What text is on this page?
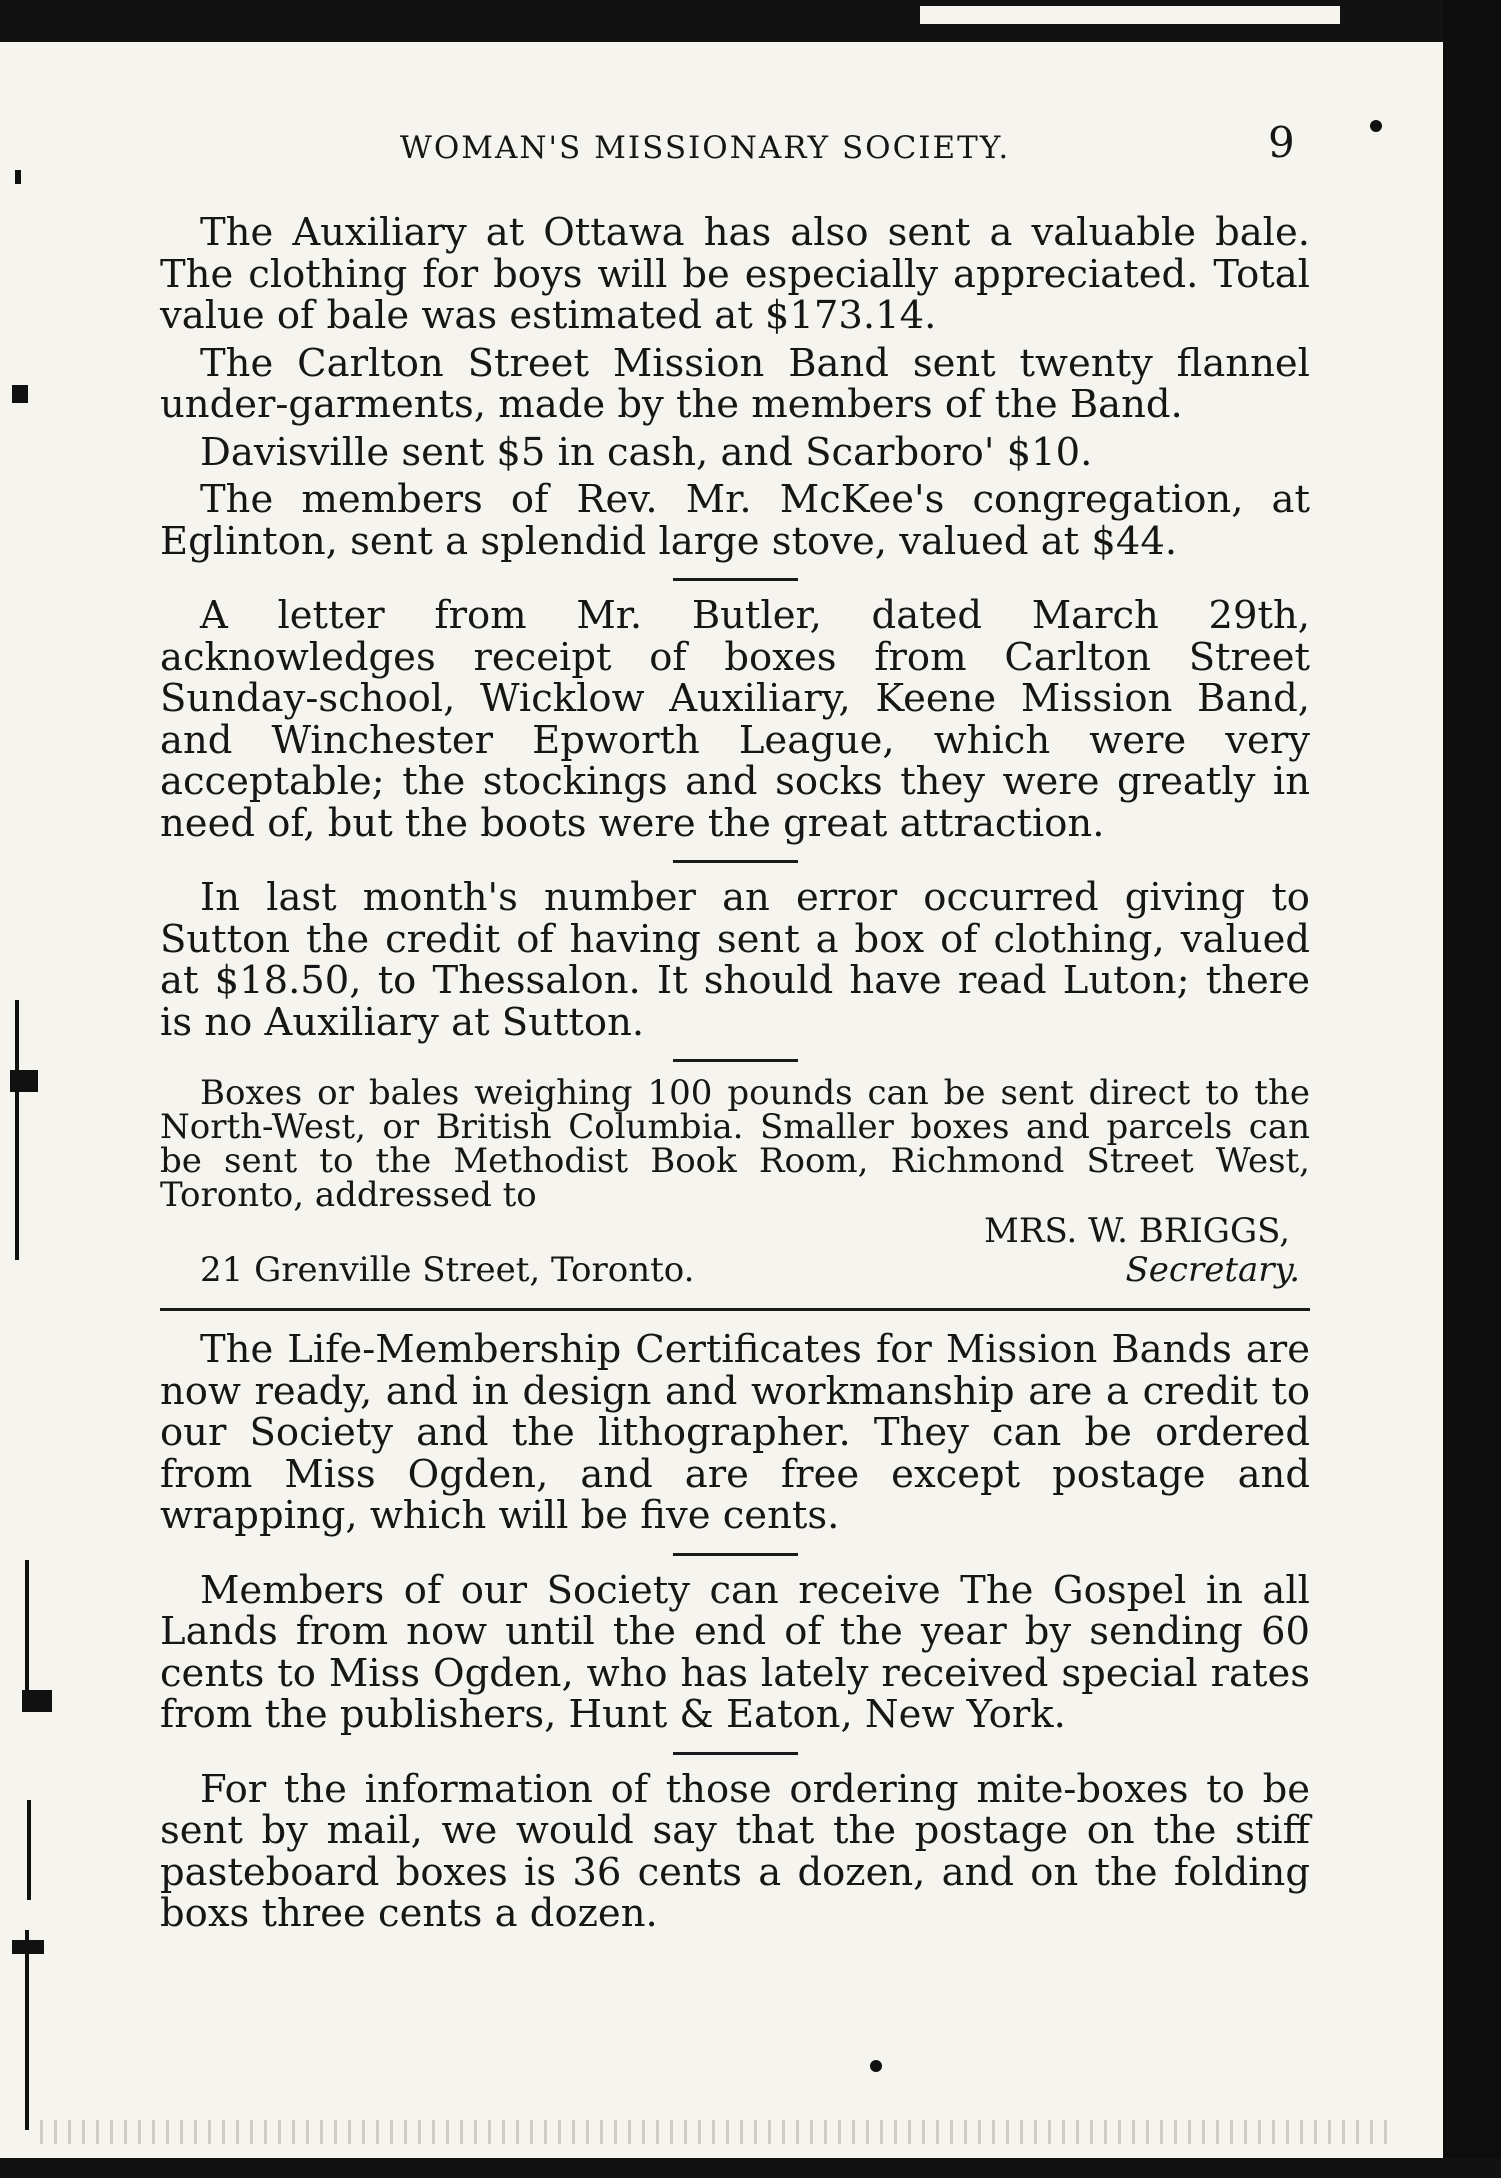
WOMAN'S MISSIONARY SOCIETY.	9

The Auxiliary at Ottawa has also sent a valuable bale. The clothing for boys will be especially appreciated. Total value of bale was estimated at $173.14.

The Carlton Street Mission Band sent twenty flannel under-garments, made by the members of the Band.

Davisville sent $5 in cash, and Scarboro' $10.

The members of Rev. Mr. McKee's congregation, at Eglinton, sent a splendid large stove, valued at $44.

A letter from Mr. Butler, dated March 29th, acknowledges receipt of boxes from Carlton Street Sunday-school, Wicklow Auxiliary, Keene Mission Band, and Winchester Epworth League, which were very acceptable; the stockings and socks they were greatly in need of, but the boots were the great attraction.

In last month's number an error occurred giving to Sutton the credit of having sent a box of clothing, valued at $18.50, to Thessalon. It should have read Luton; there is no Auxiliary at Sutton.

Boxes or bales weighing 100 pounds can be sent direct to the North-West, or British Columbia. Smaller boxes and parcels can be sent to the Methodist Book Room, Richmond Street West, Toronto, addressed to

MRS. W. BRIGGS,

21 Grenville Street, Toronto.	Secretary.

The Life-Membership Certificates for Mission Bands are now ready, and in design and workmanship are a credit to our Society and the lithographer. They can be ordered from Miss Ogden, and are free except postage and wrapping, which will be five cents.

Members of our Society can receive The Gospel in all Lands from now until the end of the year by sending 60 cents to Miss Ogden, who has lately received special rates from the publishers, Hunt & Eaton, New York.

For the information of those ordering mite-boxes to be sent by mail, we would say that the postage on the stiff pasteboard boxes is 36 cents a dozen, and on the folding boxs three cents a dozen.
